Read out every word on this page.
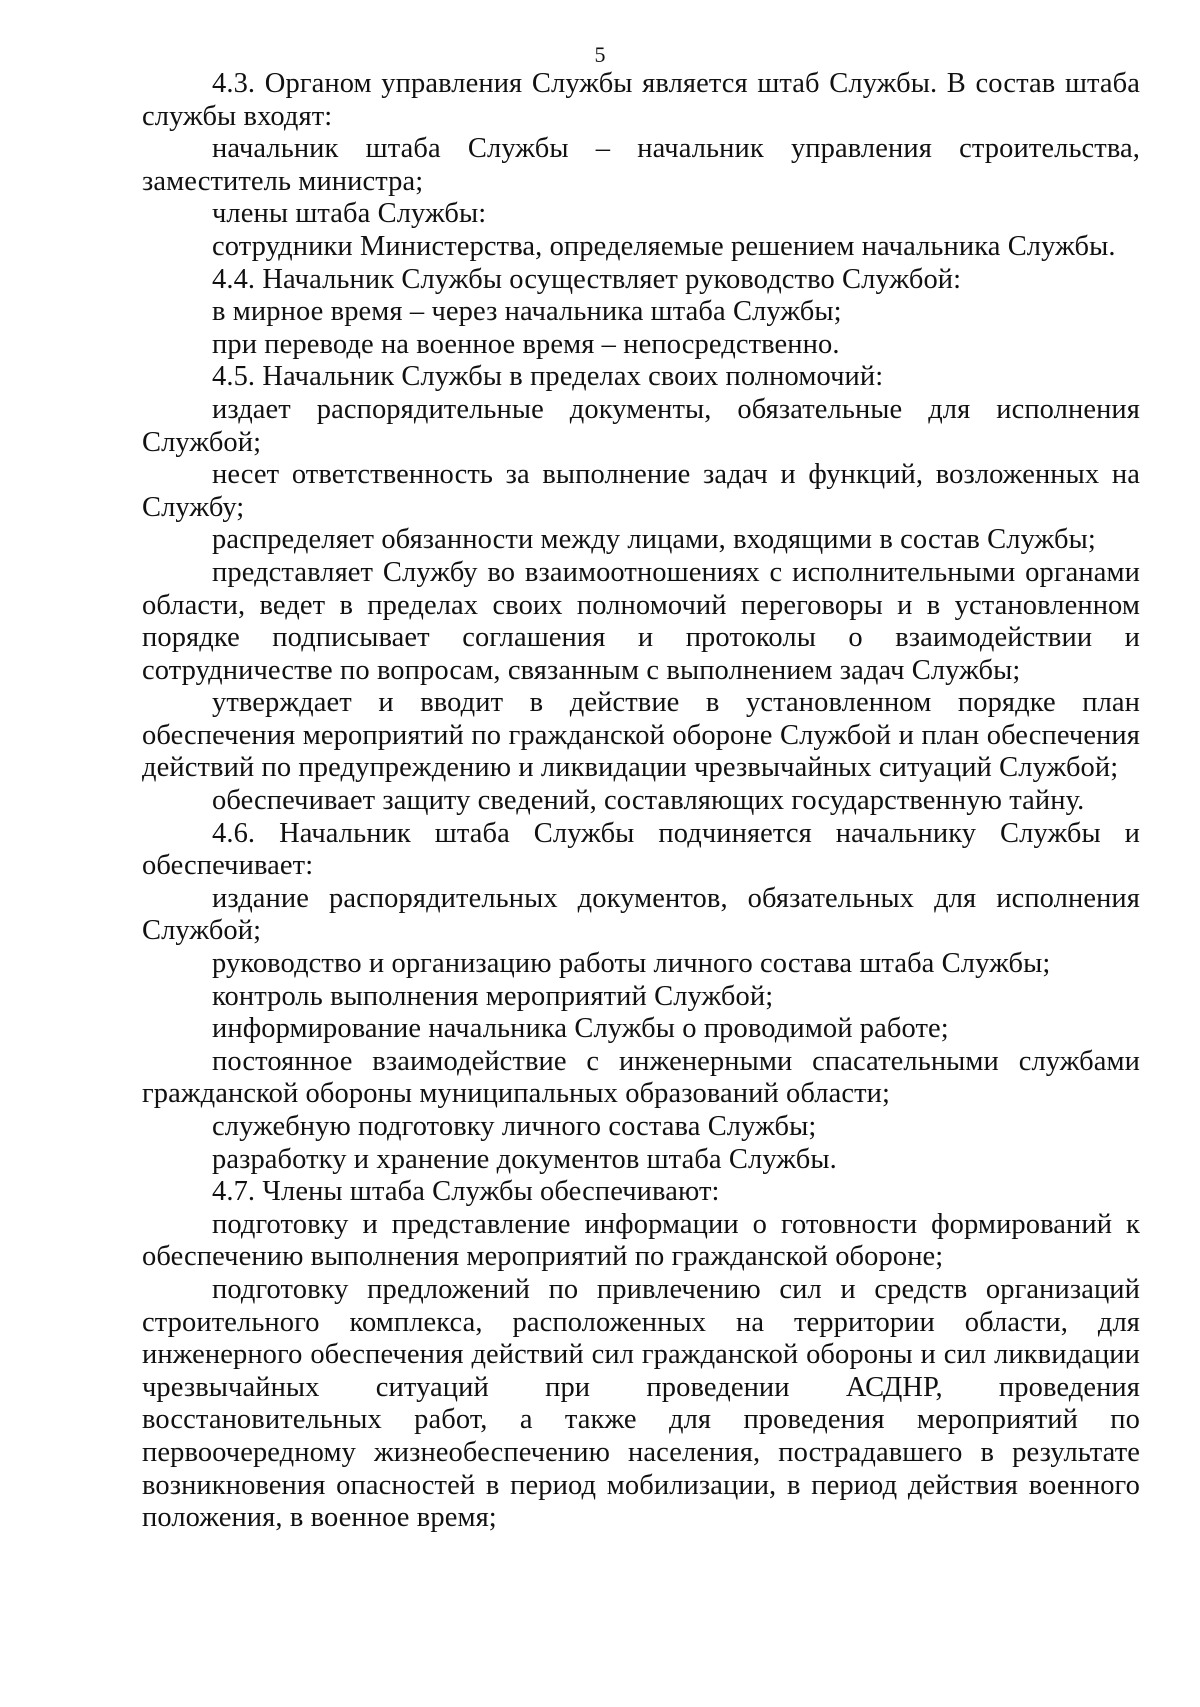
5

4.3. Органом управления Службы является штаб Службы. В состав штаба службы входят:

начальник штаба Службы – начальник управления строительства, заместитель министра;

члены штаба Службы:

сотрудники Министерства, определяемые решением начальника Службы.

4.4. Начальник Службы осуществляет руководство Службой:

в мирное время – через начальника штаба Службы;

при переводе на военное время – непосредственно.

4.5. Начальник Службы в пределах своих полномочий:

издает распорядительные документы, обязательные для исполнения Службой;

несет ответственность за выполнение задач и функций, возложенных на Службу;

распределяет обязанности между лицами, входящими в состав Службы;

представляет Службу во взаимоотношениях с исполнительными органами области, ведет в пределах своих полномочий переговоры и в установленном порядке подписывает соглашения и протоколы о взаимодействии и сотрудничестве по вопросам, связанным с выполнением задач Службы;

утверждает и вводит в действие в установленном порядке план обеспечения мероприятий по гражданской обороне Службой и план обеспечения действий по предупреждению и ликвидации чрезвычайных ситуаций Службой;

обеспечивает защиту сведений, составляющих государственную тайну.

4.6. Начальник штаба Службы подчиняется начальнику Службы и обеспечивает:

издание распорядительных документов, обязательных для исполнения Службой;

руководство и организацию работы личного состава штаба Службы;

контроль выполнения мероприятий Службой;

информирование начальника Службы о проводимой работе;

постоянное взаимодействие с инженерными спасательными службами гражданской обороны муниципальных образований области;

служебную подготовку личного состава Службы;

разработку и хранение документов штаба Службы.

4.7. Члены штаба Службы обеспечивают:

подготовку и представление информации о готовности формирований к обеспечению выполнения мероприятий по гражданской обороне;

подготовку предложений по привлечению сил и средств организаций строительного комплекса, расположенных на территории области, для инженерного обеспечения действий сил гражданской обороны и сил ликвидации чрезвычайных ситуаций при проведении АСДНР, проведения восстановительных работ, а также для проведения мероприятий по первоочередному жизнеобеспечению населения, пострадавшего в результате возникновения опасностей в период мобилизации, в период действия военного положения, в военное время;
